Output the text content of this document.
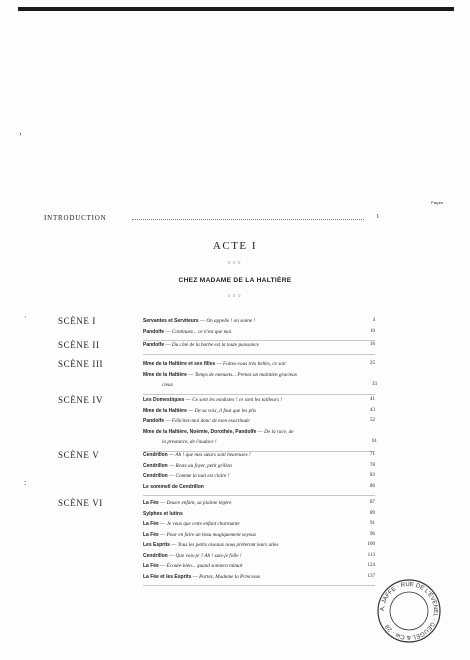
›
·
:
Pages
INTRODUCTION	1
ACTE I
○○○
CHEZ MADAME DE LA HALTIÈRE
○○○
SCÈNE I	Servantes et Serviteurs — On appelle ! on sonne !	4
Pandolfe — Continuez... ce n'est que moi	10
SCÈNE II	Pandolfe — Du côté de la barbe est la toute puissance	16
SCÈNE III	Mme de la Haltière et ses filles — Faites-vous très belles, ce soir	25
Mme de la Haltière — Temps de menuets... Prenez un maintien gracieux
cieux	33
SCÈNE IV	Les Domestiques — Ce sont les modistes ! ce sont les tailleurs !	41
Mme de la Haltière — De sa voix, il faut que les plis	43
Pandolfe — Félicitez-moi donc de mon exactitude	52
Mme de la Haltière, Noémie, Dorothée, Pandolfe — De la race, de
la prestance, de l'audace !	61
SCÈNE V	Cendrillon — Ah ! que mes sœurs sont heureuses !	71
Cendrillon — Reste au foyer, petit grillon	78
Cendrillon — Comme la nuit est claire !	83
Le sommeil de Cendrillon	86
SCÈNE VI	La Fée — Douce enfant, sa plainte légère	87
Sylphes et lutins	89
La Fée — Je veux que cette enfant charmante	91
La Fée — Pour en faire un tissu magiquement soyeux	96
Les Esprits — Tous les petits oiseaux nous prêteront leurs ailes	100
Cendrillon — Que vois-je ? Ah ! suis-je folle !	113
La Fée — Écoute-bien... quand sonnera minuit	124
La Fée et les Esprits — Partez, Madame la Princesse	137
A. JAFFE · RUE DE L'ÉVENEL · GEUGEL & Cie · 28
